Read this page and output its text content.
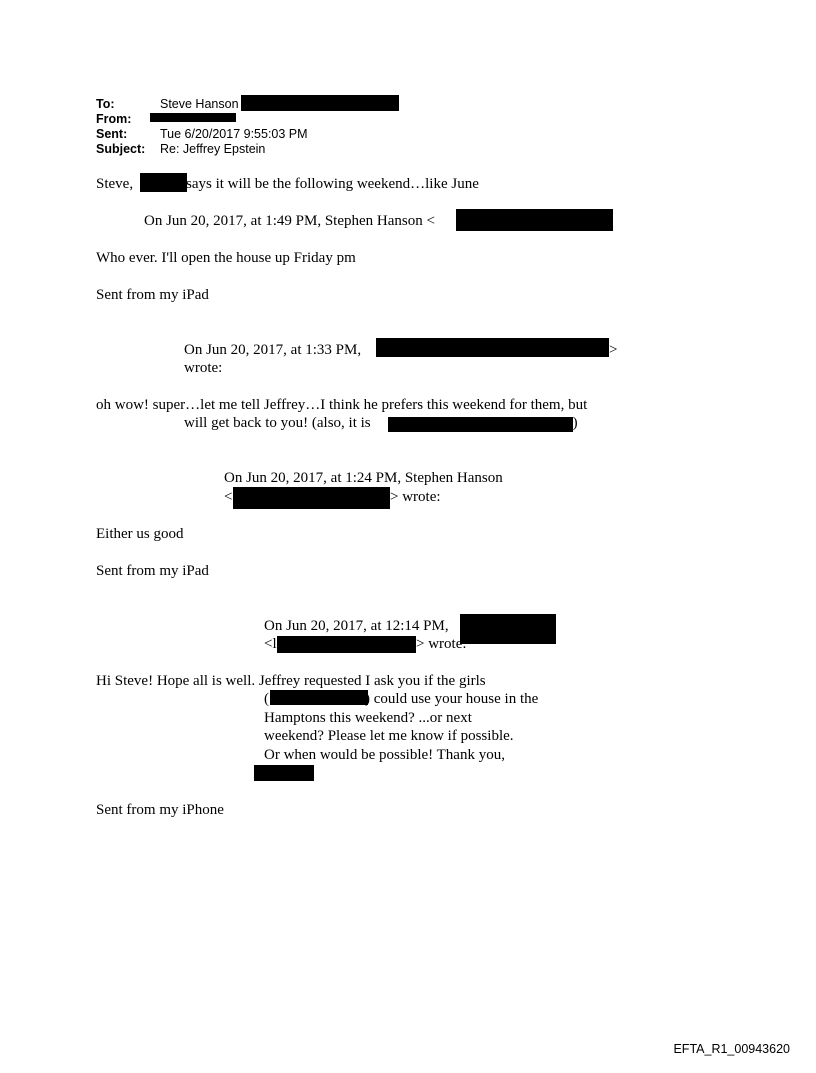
To:	Steve Hanson
From:
Sent:	Tue 6/20/2017 9:55:03 PM
Subject: Re: Jeffrey Epstein
Steve,	says it will be the following weekend…like June
On Jun 20, 2017, at 1:49 PM, Stephen Hanson <
Who ever. I'll open the house up Friday pm
Sent from my iPad
On Jun 20, 2017, at 1:33 PM,	>
wrote:
oh wow! super…let me tell Jeffrey…I think he prefers this weekend for them, but
will get back to you! (also, it is	a)
On Jun 20, 2017, at 1:24 PM, Stephen Hanson
<	> wrote:
Either us good
Sent from my iPad
On Jun 20, 2017, at 12:14 PM,
<l	> wrote:
Hi Steve! Hope all is well. Jeffrey requested I ask you if the girls
(	) could use your house in the
Hamptons this weekend? ...or next
weekend? Please let me know if possible.
Or when would be possible! Thank you,
Sent from my iPhone
EFTA_R1_00943620
